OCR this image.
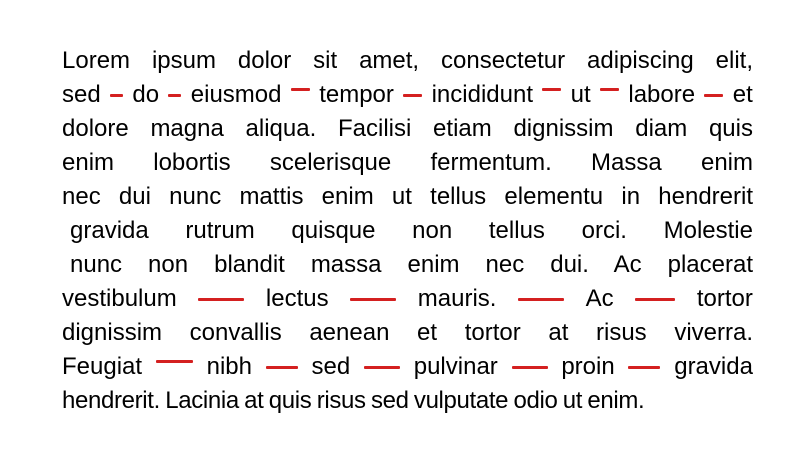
Lorem ipsum dolor sit amet, consectetur adipiscing elit,
sed do eiusmod tempor incididunt ut labore et
dolore magna aliqua. Facilisi etiam dignissim diam quis
enim lobortis scelerisque fermentum. Massa enim
nec dui nunc mattis enim ut tellus elementu in hendrerit
gravida rutrum quisque non tellus orci. Molestie
nunc non blandit massa enim nec dui. Ac placerat
vestibulum	lectus	mauris.	Ac	tortor
dignissim convallis aenean et tortor at risus viverra.
Feugiat	nibh sed	pulvinar	proin gravida
hendrerit. Lacinia at quis risus sed vulputate odio ut enim.
